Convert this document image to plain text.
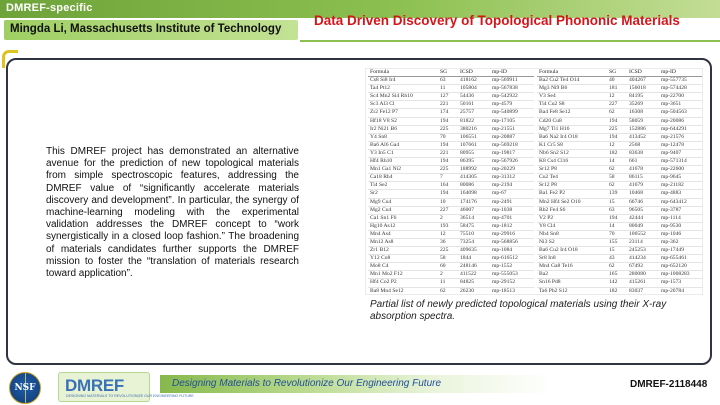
DMREF-specific
Mingda Li, Massachusetts Institute of Technology
Data Driven Discovery of Topological Phononic Materials

This DMREF project has demonstrated an alternative avenue for the prediction of new topological materials from simple spectroscopic features, addressing the DMREF value of “significantly accelerate materials discovery and development”. In particular, the synergy of machine-learning modeling with the experimental validation addresses the DMREF concept to “work synergistically in a closed loop fashion.” The broadening of materials candidates further supports the DMREF mission to foster the “translation of materials research toward application”.

Formula	SG	ICSD	mp-ID
Cs8 Si8 Ir4	63	418162	mp-569911
Ta4 Pt12	11	105804	mp-567838
Sc4 Mn2 Si4 Rh10	127	54436	mp-542922
Sc3 Al3 Cl	221	50161	mp-4579
Zr2 Fe12 P7	174	25757	mp-540899
Hf18 V8 S2	194	81822	mp-17105
Ir2 Ni21 B6	225	380216	mp-21551
Y4 Sn8	70	106551	mp-20887
Ba6 Al6 Ga4	194	107661	mp-569218
Y3 In5 C1	221	80955	mp-19817
Hf4 Rh10	194	86395	mp-567926
Mn1 Ga1 Ni2	225	188992	mp-20229
Ca18 Rh4	7	414305	mp-31312
Ti4 Se2	164	80086	mp-2194
Sr2	194	164098	mp-67
Mg9 Cu4	10	174176	mp-2491
Mg2 Cu4	227	46007	mp-1038
Ca1 Sn1 F6	2	36514	mp-4701
Hg10 As12	193	58475	mp-1812
Mn4 As4	12	75510	mp-29916
Mn12 As8	36	73254	mp-568856
Zr1 B12	225	409635	mp-1084
Y12 Co8	58	1844	mp-616512
Mo8 C4	60	248146	mp-1552
Mn1 Mo2 F12	2	411522	mp-555053
Hf4 Co2 P2	11	84825	mp-29152
Ba8 Mn4 Se12	62	26230	mp-18513
Formula	SG	ICSD	mp-ID
Ba2 Cu2 Te4 O14	40	404267	mp-557735
Mg3 Ni9 B6	181	156018	mp-574428
V3 Se4	12	84195	mp-22700
Ti4 Cu2 S8	227	35269	mp-3651
Ba4 Fe8 Se12	62	16308	mp-504563
Cd20 Cu8	194	58059	mp-20086
Mg7 Ti1 H16	225	152886	mp-644291
Ba6 Na2 Ir4 O18	194	413452	mp-21576
K1 Cr5 S8	12	2568	mp-12478
Nb6 Sn2 S12	182	83638	mp-9407
K8 Cs4 Cl16	14	661	mp-571314
Sr12 P8	62	41678	mp-22600
Cu2 Te4	58	86115	mp-9645
Sr12 P8	62	41679	mp-21182
Ba1 Fe2 P2	139	10468	mp-4883
Mn2 Hf4 Se2 O10	15	66746	mp-643412
Rb2 Fe4 S6	63	96505	mp-3787
V2 P2	194	42444	mp-1114
Y8 Cl4	14	80049	mp-9530
Nb4 Sn8	70	106552	mp-1046
Ni3 S2	155	23114	mp-362
Ba6 Cu2 Ir4 O18	15	245253	mp-17449
Sr8 In8	43	414234	mp-655461
Mn4 Ga8 Te16	62	67492	mp-652120
Ba2	165	280080	mp-1008283
Sn16 Pd8	142	415261	mp-1573
Ta6 Pb2 S12	182	83037	mp-20784

Partial list of newly predicted topological materials using their X-ray absorption spectra.

NSF DMREF
DESIGNING MATERIALS TO REVOLUTIONIZE OUR ENGINEERING FUTURE
Designing Materials to Revolutionize Our Engineering Future	DMREF-2118448
